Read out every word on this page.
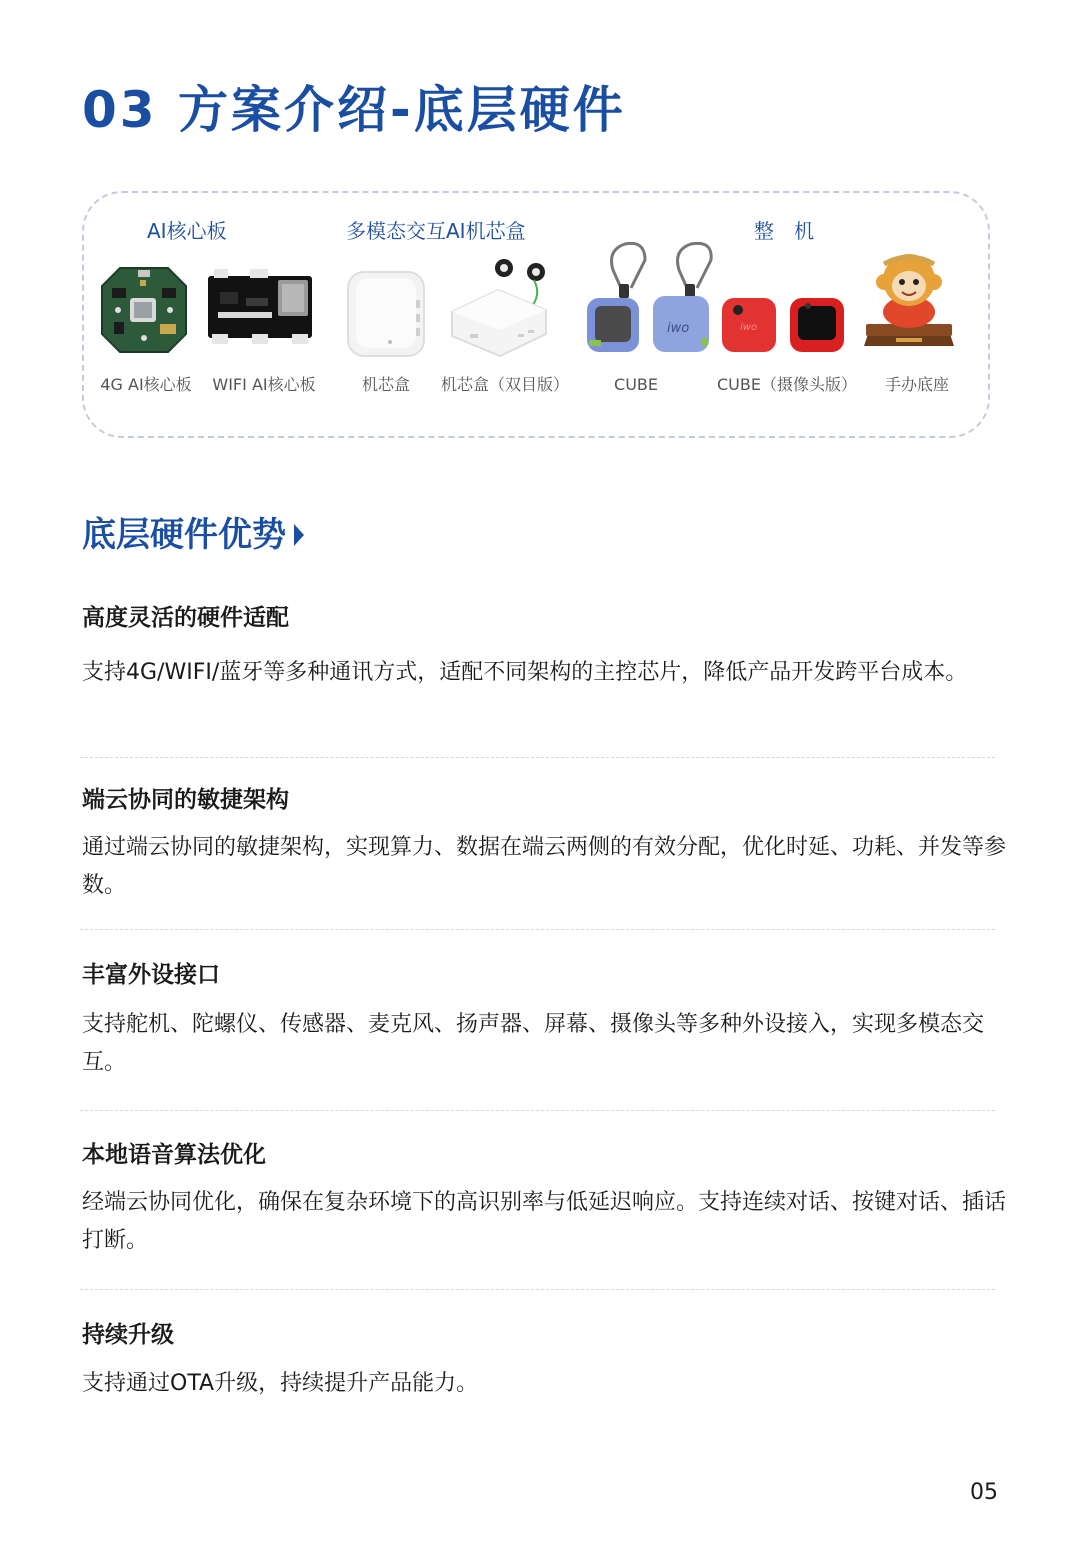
03 方案介绍-底层硬件
AI核心板	多模态交互AI机芯盒	整　机
iwo	iwo
4G AI核心板 WIFI AI核心板	机芯盒 机芯盒（双目版）	CUBE	CUBE（摄像头版） 手办底座
底层硬件优势
高度灵活的硬件适配

支持4G/WIFI/蓝牙等多种通讯方式，适配不同架构的主控芯片，降低产品开发跨平台成本。

端云协同的敏捷架构

通过端云协同的敏捷架构，实现算力、数据在端云两侧的有效分配，优化时延、功耗、并发等参数。

丰富外设接口

支持舵机、陀螺仪、传感器、麦克风、扬声器、屏幕、摄像头等多种外设接入，实现多模态交互。

本地语音算法优化

经端云协同优化，确保在复杂环境下的高识别率与低延迟响应。支持连续对话、按键对话、插话打断。

持续升级

支持通过OTA升级，持续提升产品能力。

05
